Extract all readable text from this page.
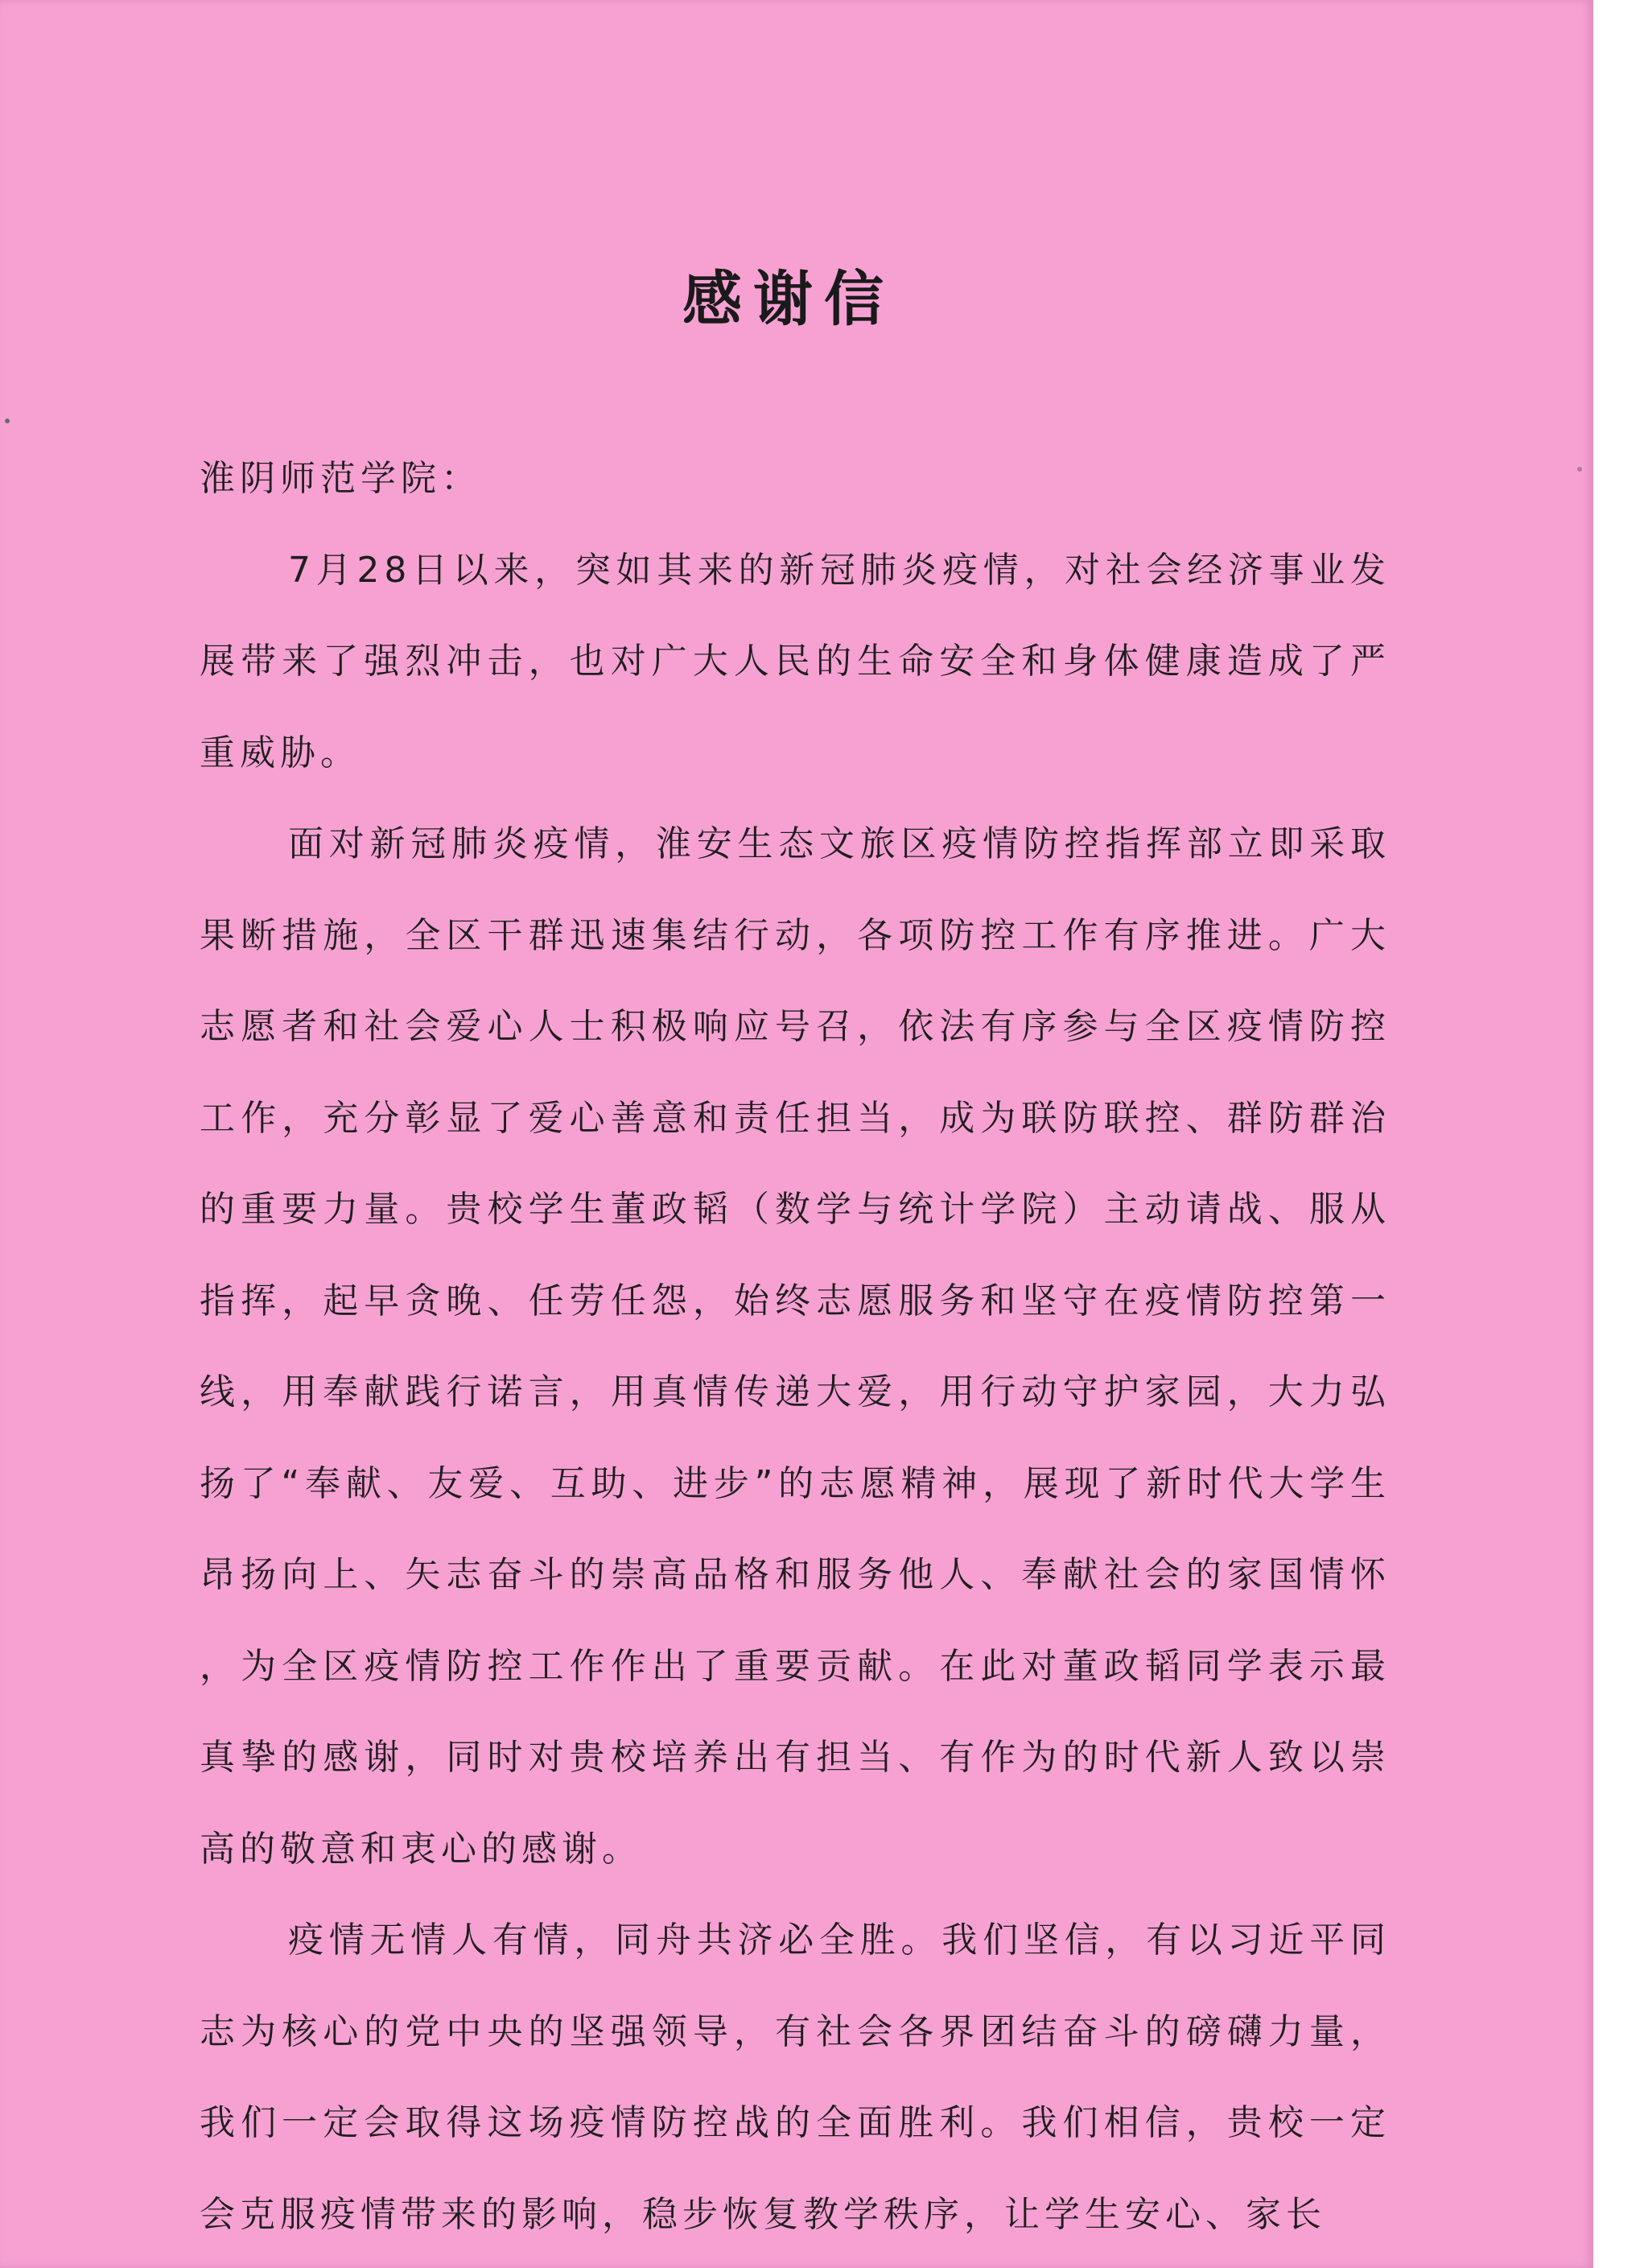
感谢信

淮阴师范学院：

7月28日以来，突如其来的新冠肺炎疫情，对社会经济事业发展带来了强烈冲击，也对广大人民的生命安全和身体健康造成了严重威胁。

面对新冠肺炎疫情，淮安生态文旅区疫情防控指挥部立即采取果断措施，全区干群迅速集结行动，各项防控工作有序推进。广大志愿者和社会爱心人士积极响应号召，依法有序参与全区疫情防控工作，充分彰显了爱心善意和责任担当，成为联防联控、群防群治的重要力量。贵校学生董政韬（数学与统计学院）主动请战、服从指挥，起早贪晚、任劳任怨，始终志愿服务和坚守在疫情防控第一线，用奉献践行诺言，用真情传递大爱，用行动守护家园，大力弘扬了“奉献、友爱、互助、进步”的志愿精神，展现了新时代大学生昂扬向上、矢志奋斗的崇高品格和服务他人、奉献社会的家国情怀，为全区疫情防控工作作出了重要贡献。在此对董政韬同学表示最真挚的感谢，同时对贵校培养出有担当、有作为的时代新人致以崇高的敬意和衷心的感谢。

疫情无情人有情，同舟共济必全胜。我们坚信，有以习近平同志为核心的党中央的坚强领导，有社会各界团结奋斗的磅礴力量，我们一定会取得这场疫情防控战的全面胜利。我们相信，贵校一定会克服疫情带来的影响，稳步恢复教学秩序，让学生安心、家长
